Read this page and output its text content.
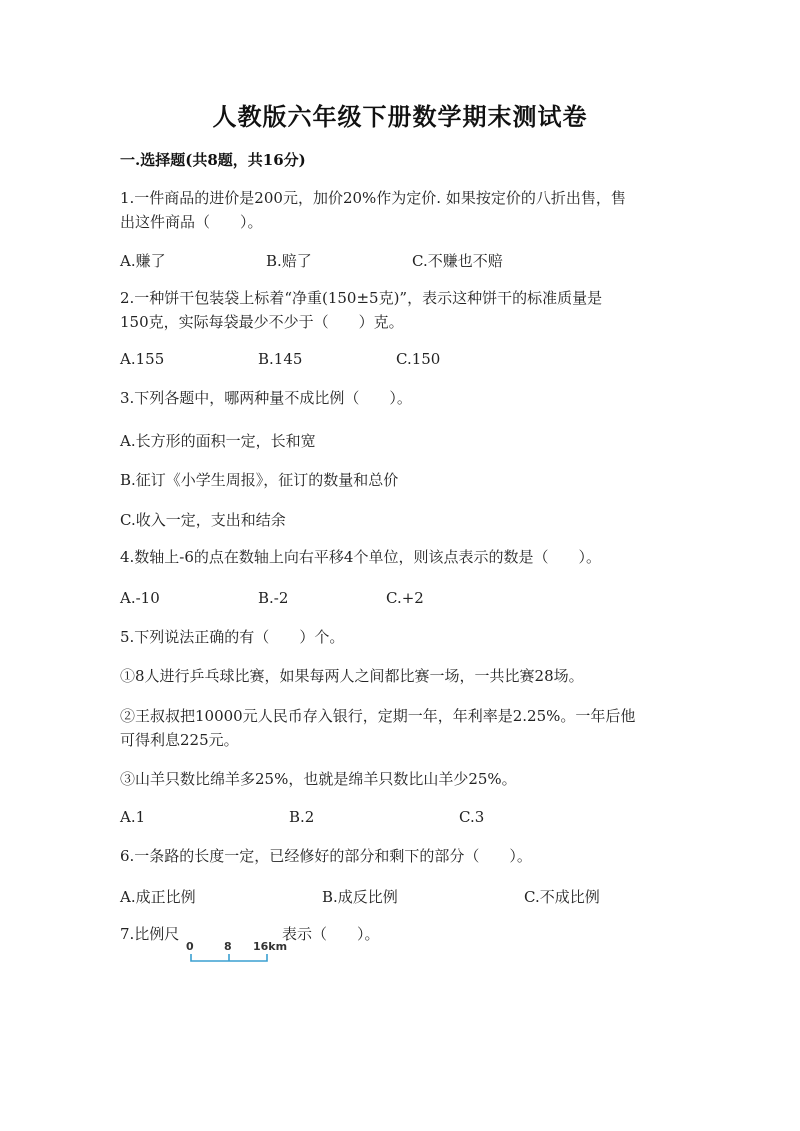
人教版六年级下册数学期末测试卷
一.选择题(共8题，共16分)
1.一件商品的进价是200元，加价20%作为定价. 如果按定价的八折出售，售
出这件商品（　　）。
A.赚了	B.赔了	C.不赚也不赔
2.一种饼干包装袋上标着“净重(150±5克)”，表示这种饼干的标准质量是
150克，实际每袋最少不少于（　　）克。
A.155	B.145	C.150
3.下列各题中，哪两种量不成比例（　　）。
A.长方形的面积一定，长和宽
B.征订《小学生周报》，征订的数量和总价
C.收入一定，支出和结余
4.数轴上-6的点在数轴上向右平移4个单位，则该点表示的数是（　　）。
A.-10	B.-2	C.+2
5.下列说法正确的有（　　）个。
①8人进行乒乓球比赛，如果每两人之间都比赛一场，一共比赛28场。
②王叔叔把10000元人民币存入银行，定期一年，年利率是2.25%。一年后他
可得利息225元。
③山羊只数比绵羊多25%，也就是绵羊只数比山羊少25%。
A.1	B.2	C.3
6.一条路的长度一定，已经修好的部分和剩下的部分（　　）。
A.成正比例	B.成反比例	C.不成比例
7.比例尺	表示（　　）。
0	8 16km
